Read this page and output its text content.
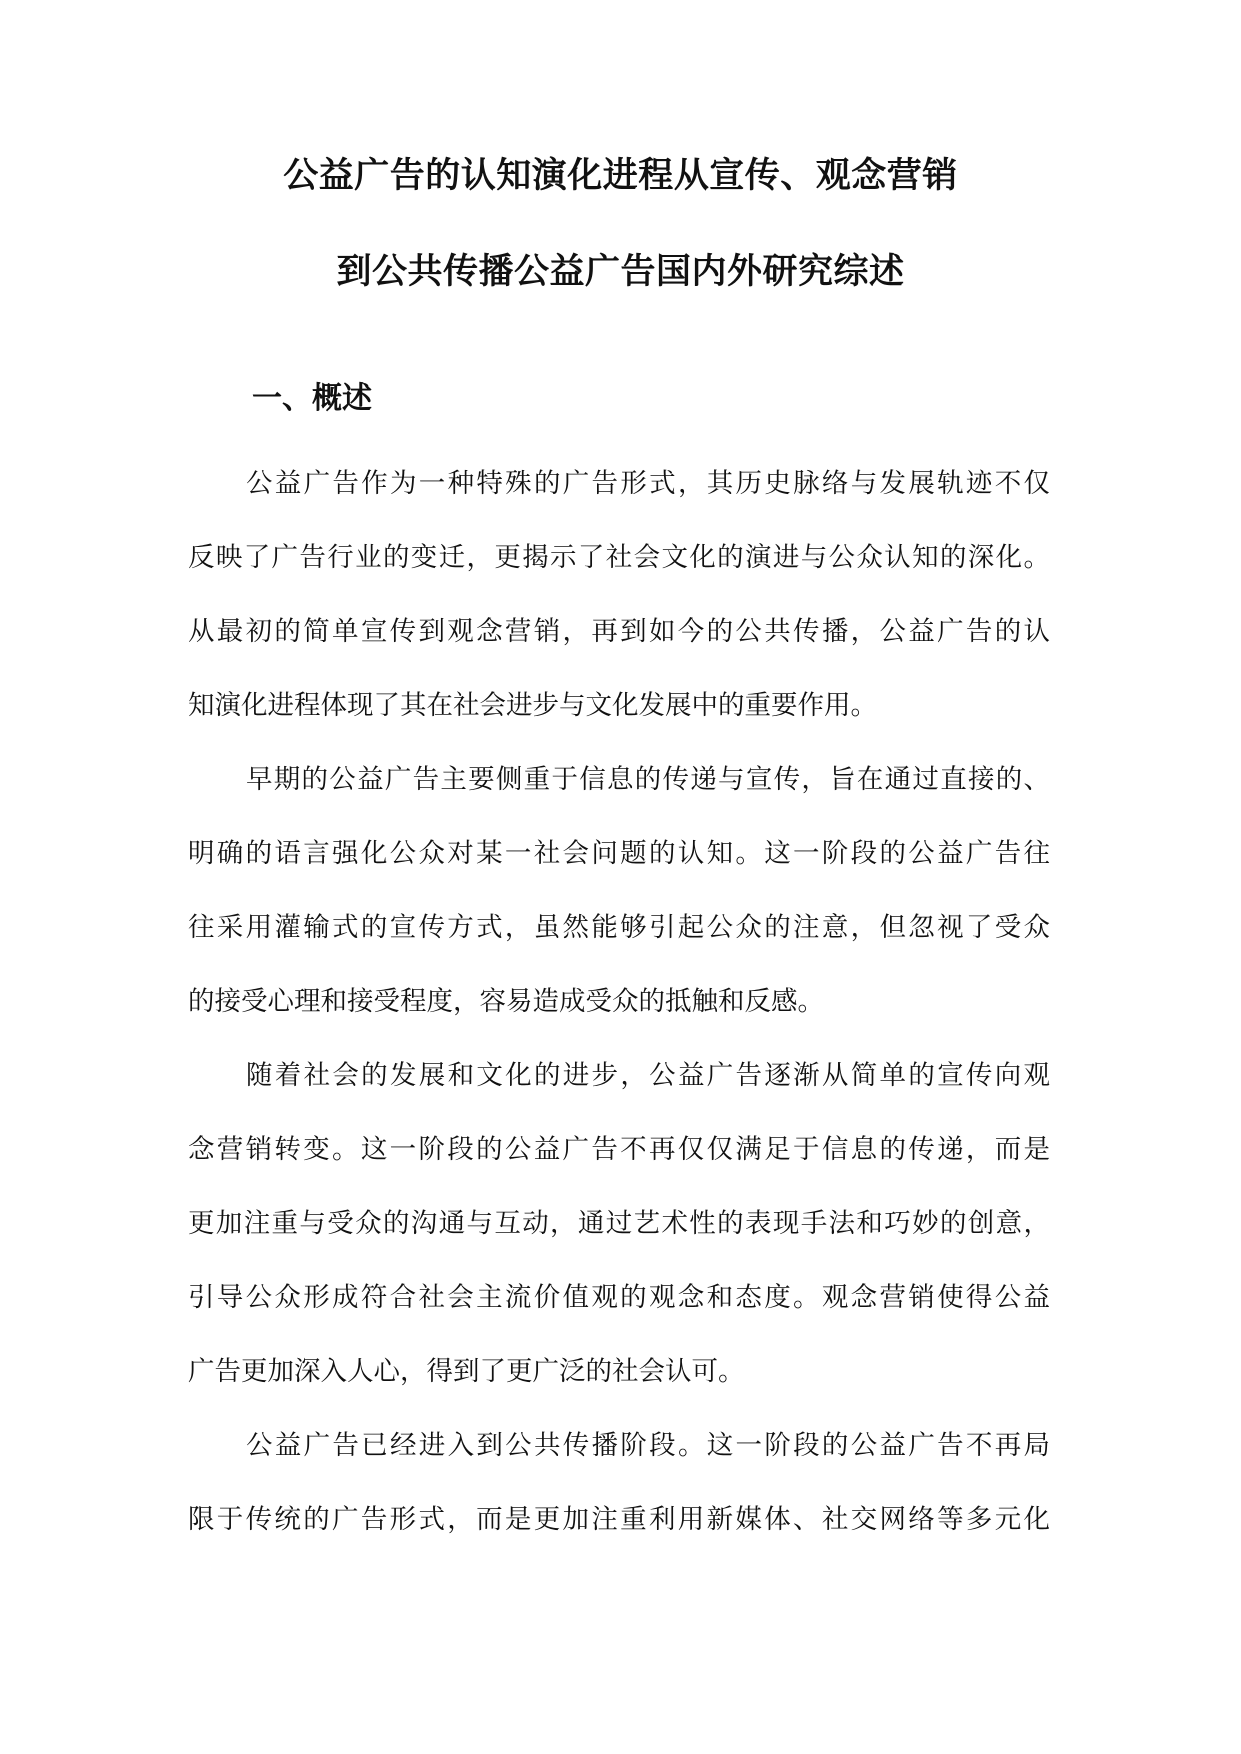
公益广告的认知演化进程从宣传、观念营销
到公共传播公益广告国内外研究综述
一、概述
公益广告作为一种特殊的广告形式，其历史脉络与发展轨迹不仅
反映了广告行业的变迁，更揭示了社会文化的演进与公众认知的深化。
从最初的简单宣传到观念营销，再到如今的公共传播，公益广告的认
知演化进程体现了其在社会进步与文化发展中的重要作用。
早期的公益广告主要侧重于信息的传递与宣传，旨在通过直接的、
明确的语言强化公众对某一社会问题的认知。这一阶段的公益广告往
往采用灌输式的宣传方式，虽然能够引起公众的注意，但忽视了受众
的接受心理和接受程度，容易造成受众的抵触和反感。
随着社会的发展和文化的进步，公益广告逐渐从简单的宣传向观
念营销转变。这一阶段的公益广告不再仅仅满足于信息的传递，而是
更加注重与受众的沟通与互动，通过艺术性的表现手法和巧妙的创意，
引导公众形成符合社会主流价值观的观念和态度。观念营销使得公益
广告更加深入人心，得到了更广泛的社会认可。
公益广告已经进入到公共传播阶段。这一阶段的公益广告不再局
限于传统的广告形式，而是更加注重利用新媒体、社交网络等多元化
